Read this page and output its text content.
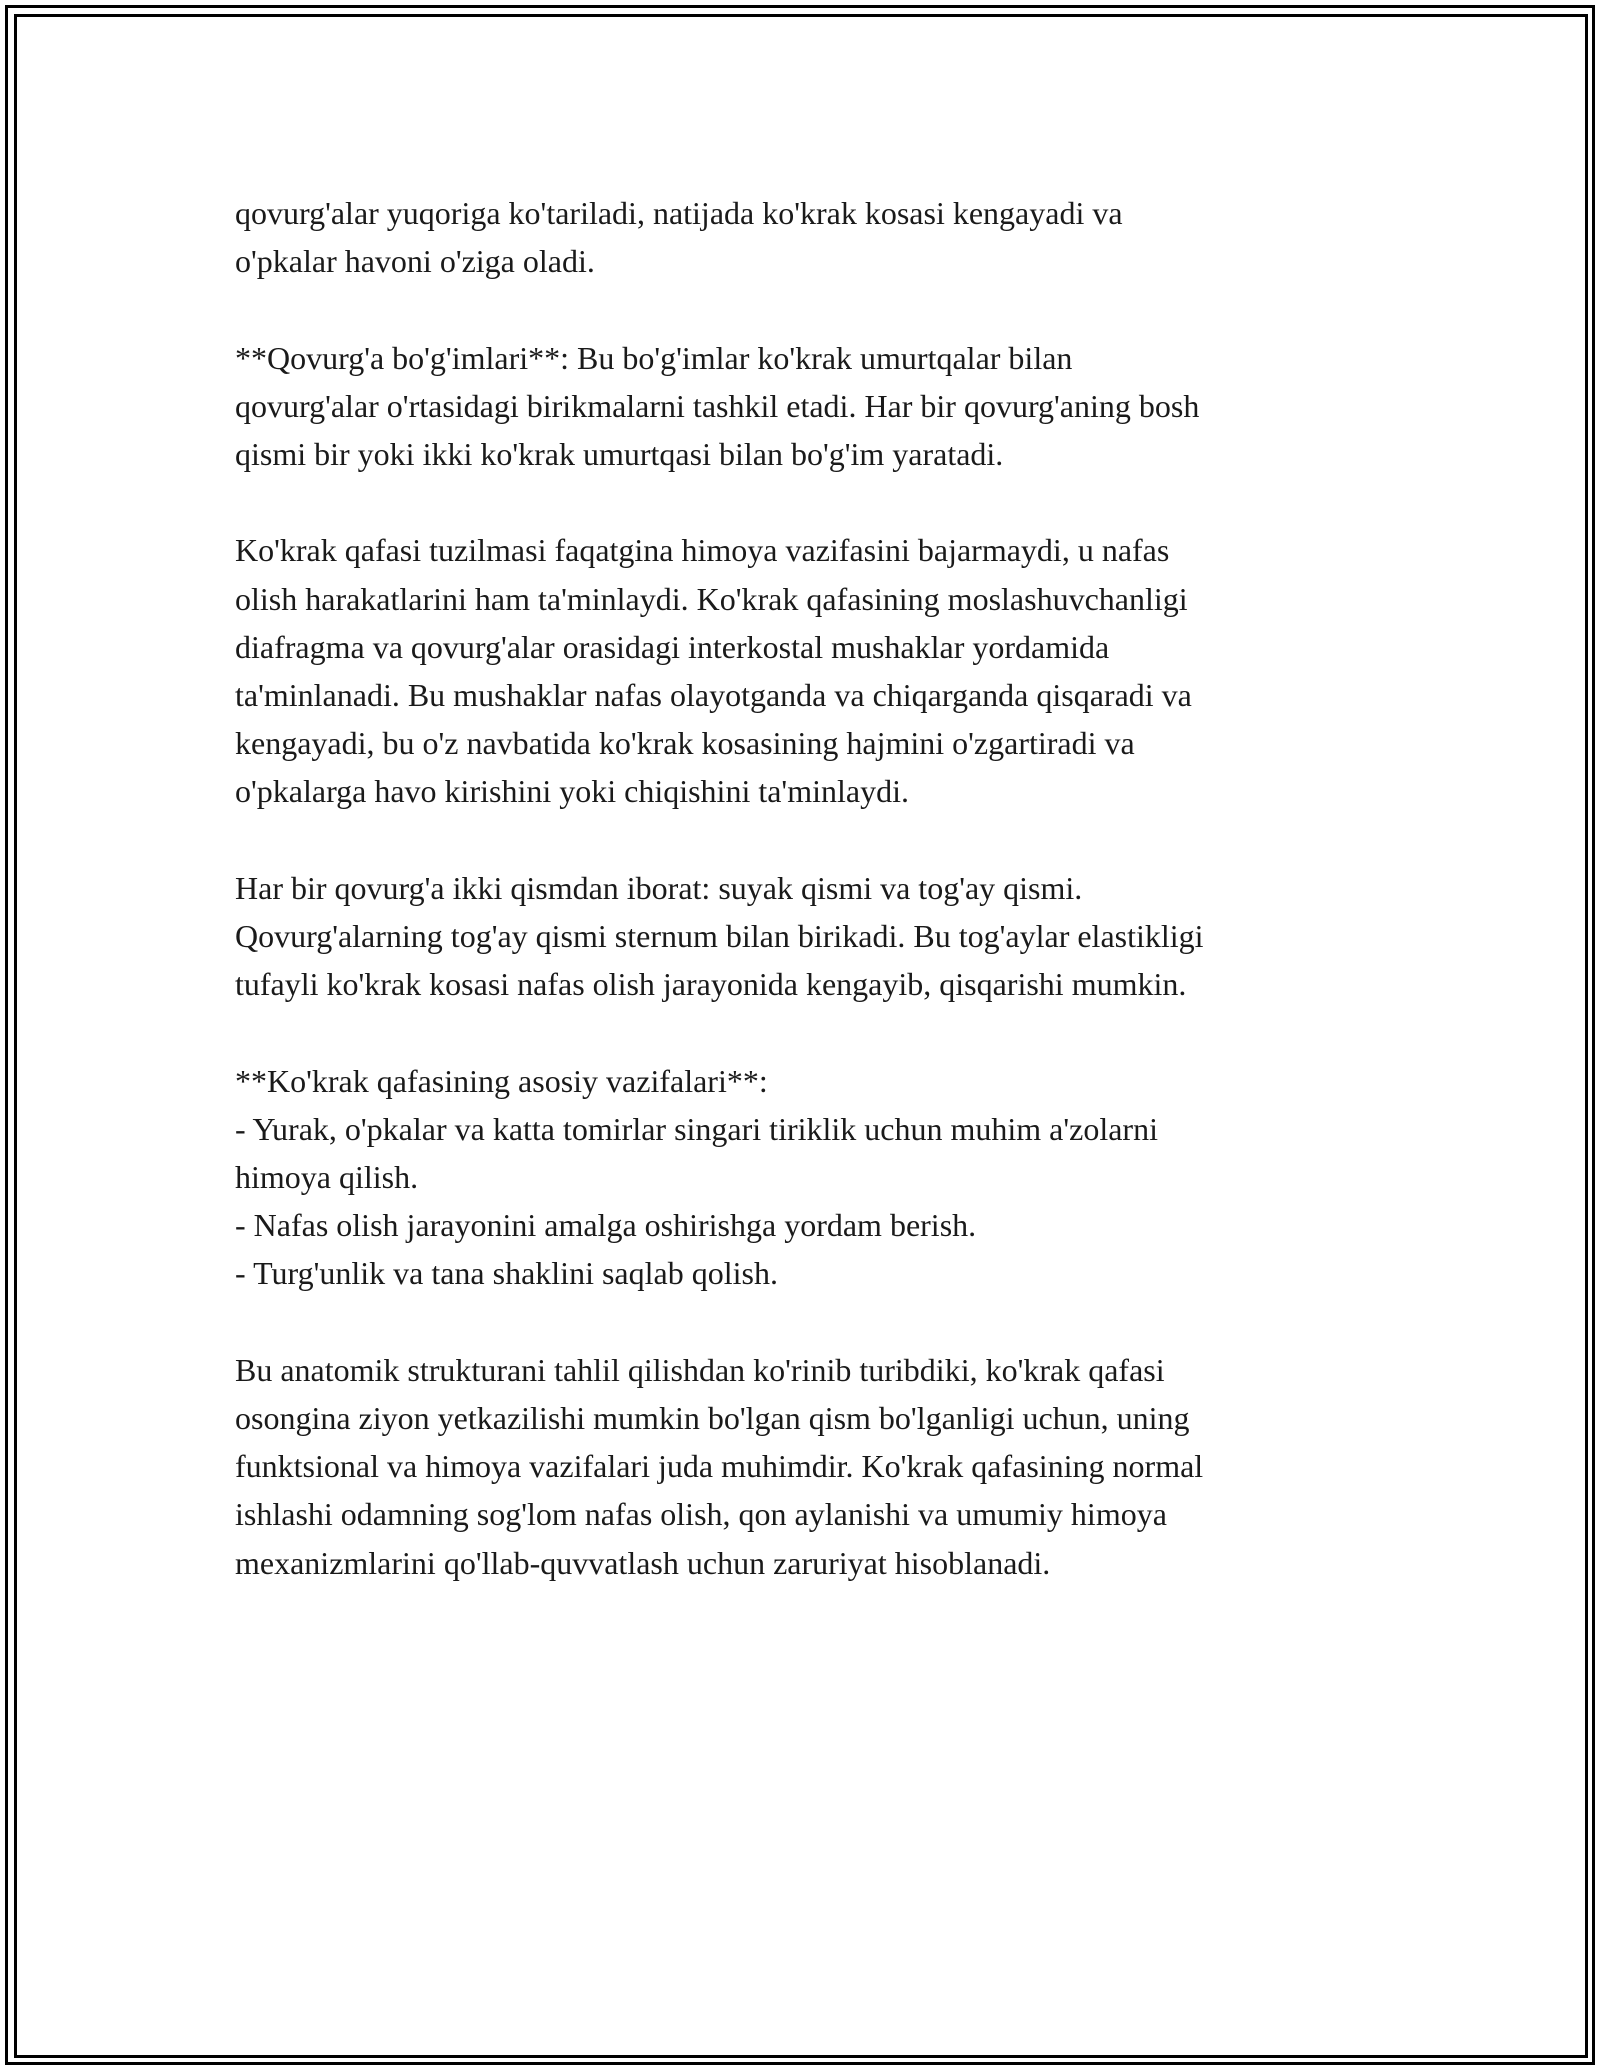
qovurg'alar yuqoriga ko'tariladi, natijada ko'krak kosasi kengayadi va
o'pkalar havoni o'ziga oladi.

**Qovurg'a bo'g'imlari**: Bu bo'g'imlar ko'krak umurtqalar bilan
qovurg'alar o'rtasidagi birikmalarni tashkil etadi. Har bir qovurg'aning bosh
qismi bir yoki ikki ko'krak umurtqasi bilan bo'g'im yaratadi.

Ko'krak qafasi tuzilmasi faqatgina himoya vazifasini bajarmaydi, u nafas
olish harakatlarini ham ta'minlaydi. Ko'krak qafasining moslashuvchanligi
diafragma va qovurg'alar orasidagi interkostal mushaklar yordamida
ta'minlanadi. Bu mushaklar nafas olayotganda va chiqarganda qisqaradi va
kengayadi, bu o'z navbatida ko'krak kosasining hajmini o'zgartiradi va
o'pkalarga havo kirishini yoki chiqishini ta'minlaydi.

Har bir qovurg'a ikki qismdan iborat: suyak qismi va tog'ay qismi.
Qovurg'alarning tog'ay qismi sternum bilan birikadi. Bu tog'aylar elastikligi
tufayli ko'krak kosasi nafas olish jarayonida kengayib, qisqarishi mumkin.

**Ko'krak qafasining asosiy vazifalari**:
- Yurak, o'pkalar va katta tomirlar singari tiriklik uchun muhim a'zolarni
himoya qilish.
- Nafas olish jarayonini amalga oshirishga yordam berish.
- Turg'unlik va tana shaklini saqlab qolish.

Bu anatomik strukturani tahlil qilishdan ko'rinib turibdiki, ko'krak qafasi
osongina ziyon yetkazilishi mumkin bo'lgan qism bo'lganligi uchun, uning
funktsional va himoya vazifalari juda muhimdir. Ko'krak qafasining normal
ishlashi odamning sog'lom nafas olish, qon aylanishi va umumiy himoya
mexanizmlarini qo'llab-quvvatlash uchun zaruriyat hisoblanadi.
